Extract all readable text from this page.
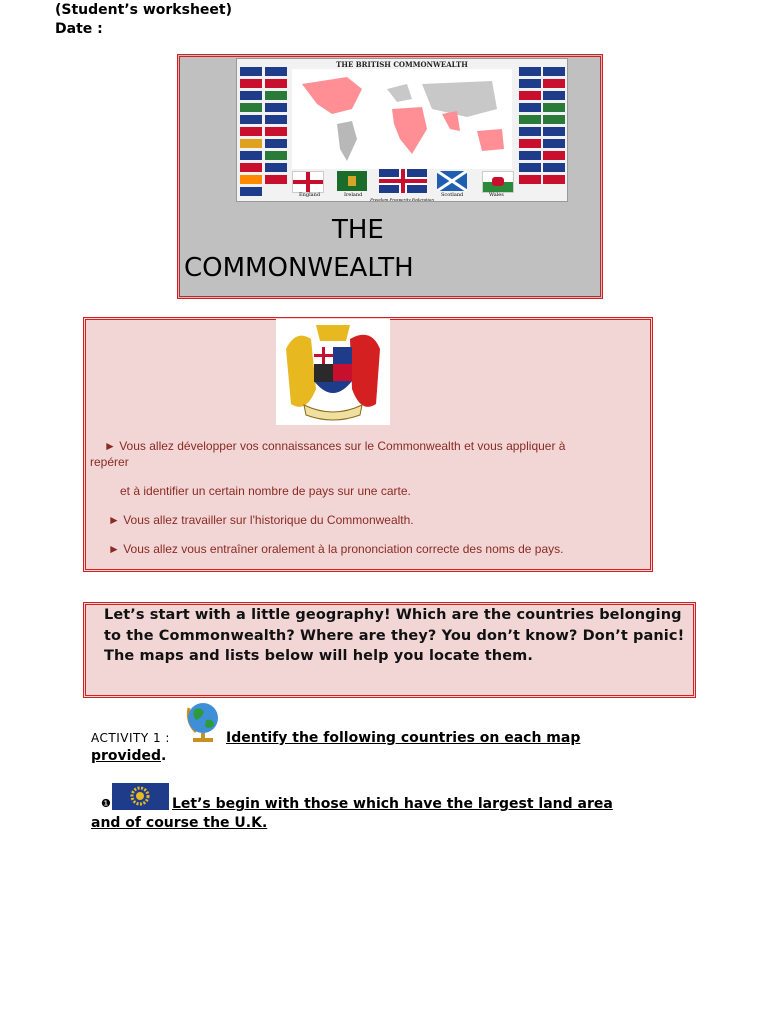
(Student’s worksheet)
Date :
THE BRITISH COMMONWEALTH
England	Ireland	Scotland	Wales
Freedom Prosperity Federation
THE
COMMONWEALTH
► Vous allez développer vos connaissances sur le Commonwealth et vous appliquer à
repérer
et à identifier un certain nombre de pays sur une carte.
► Vous allez travailler sur l'historique du Commonwealth.
► Vous allez vous entraîner oralement à la prononciation correcte des noms de pays.
Let’s start with a little geography! Which are the countries belonging to the Commonwealth? Where are they? You don’t know? Don’t panic! The maps and lists below will help you locate them.
ACTIVITY 1 :	Identify the following countries on each map
provided.
❶	Let’s begin with those which have the largest land area
and of course the U.K.
